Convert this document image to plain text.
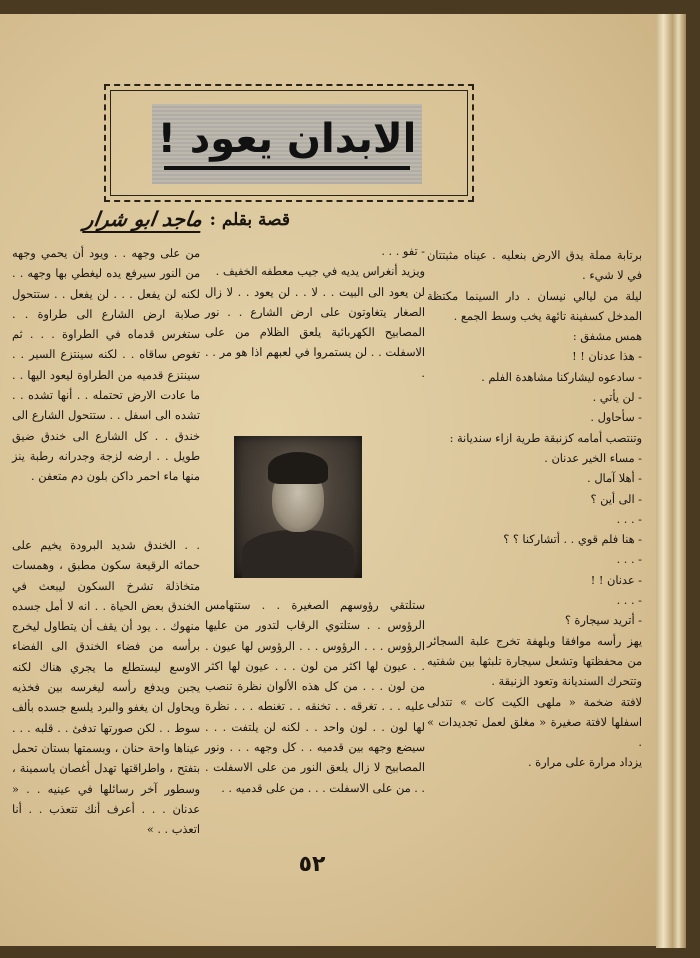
الابدان يعود !
قصة بقلم :
ماجد ابو شرار

برتابة مملة يدق الارض بنعليه . عيناه مثبتتان في لا شيء .

ليلة من ليالي نيسان . دار السينما مكتظة المدخل كسفينة تائهة يخب وسط الجمع .

همس مشفق :

- هذا عدنان ! !

- سادعوه ليشاركنا مشاهدة الفلم .

- لن يأتي .

- سأحاول .

وتنتصب أمامه كزنبقة طرية ازاء سنديانة :

- مساء الخير عدنان .

- أهلا آمال .

- الى أين ؟

- . . .

- هنا فلم قوي . . أتشاركنا ؟ ؟

- . . .

- عدنان ! !

- . . .

- أتريد سيجارة ؟

يهز رأسه موافقا وبلهفة تخرج علبة السجائر من محفظتها وتشعل سيجارة تلبثها بين شفتيه وتتحرك السنديانة وتعود الزنبقة .

لافتة ضخمة « ملهى الكيت كات » تتدلى اسفلها لافتة صغيرة « مغلق لعمل تجديدات » .

يزداد مرارة على مرارة .

- تفو . . .

ويزيد أنغراس يديه في جيب معطفه الخفيف .

لن يعود الى البيت . . لا . . لن يعود . . لا زال الصغار يتغاوتون على ارض الشارع . . نور المصابيح الكهربائية يلعق الظلام من على الاسفلت . . لن يستمروا في لعبهم اذا هو مر . . .

ستلتقي رؤوسهم الصغيرة . . ستتهامس الرؤوس . . ستلتوي الرقاب لتدور من عليها الرؤوس . . . الرؤوس . . . الرؤوس لها عيون . . . عيون لها اكثر من لون . . . عيون لها اكثر من لون . . . من كل هذه الألوان نظرة تنصب عليه . . . تغرقه . . تخنقه . . تغنطه . . . نظرة لها لون . . لون واحد . . لكنه لن يلتفت . . . سيضع وجهه بين قدميه . . كل وجهه . . . ونور المصابيح لا زال يلعق النور من على الاسفلت . . . من على الاسفلت . . . من على قدميه . .

من على وجهه . . ويود أن يحمي وجهه من النور سيرفع يده ليغطي بها وجهه . . لكنه لن يفعل . . . لن يفعل . . ستتحول صلابة ارض الشارع الى طراوة . . ستغرس قدماه في الطراوة . . . ثم تغوص ساقاه . . لكنه سينتزع السير . . سينتزع قدميه من الطراوة ليعود اليها . . ما عادت الارض تحتمله . . أنها تشده . . تشده الى اسفل . . ستتحول الشارع الى خندق . . كل الشارع الى خندق ضيق طويل . . ارضه لزجة وجدرانه رطبة ينز منها ماء احمر داكن بلون دم متعفن .

. . الخندق شديد البرودة يخيم على حمائه الرقيعة سكون مطبق ، وهمسات متخاذلة تشرخ السكون ليبعث في الخندق بعض الحياة . . انه لا أمل جسده منهوك . . يود أن يقف أن يتطاول ليخرج برأسه من فضاء الخندق الى الفضاء الاوسع ليستطلع ما يجري هناك لكنه يجبن ويدفع رأسه ليغرسه بين فخذيه ويحاول ان يغفو والبرد يلسع جسده بألف سوط . . لكن صورتها تدفئ . . قلبه . . . عيناها واحة حنان ، وبسمتها بستان تحمل بتفتح ، واطراقتها تهدل أغصان ياسمينة ، وسطور آخر رسائلها في عينيه . . « عدنان . . . أعرف أنك تتعذب . . أنا اتعذب . . »

٥٢
